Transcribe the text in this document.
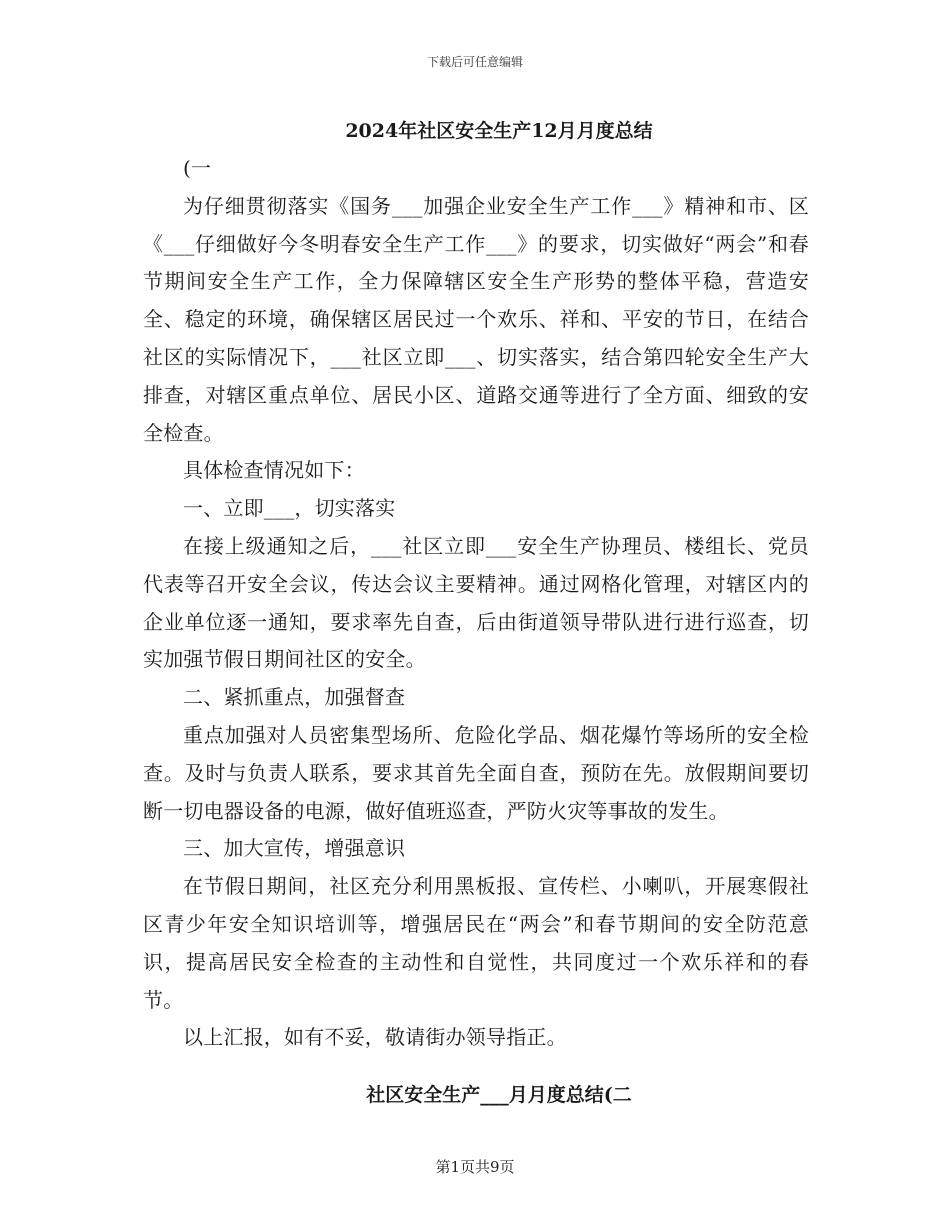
下载后可任意编辑
2024年社区安全生产12月月度总结

(一

为仔细贯彻落实《国务___加强企业安全生产工作___》精神和市、区《___仔细做好今冬明春安全生产工作___》的要求，切实做好“两会”和春节期间安全生产工作，全力保障辖区安全生产形势的整体平稳，营造安全、稳定的环境，确保辖区居民过一个欢乐、祥和、平安的节日，在结合社区的实际情况下，___社区立即___、切实落实，结合第四轮安全生产大排查，对辖区重点单位、居民小区、道路交通等进行了全方面、细致的安全检查。

具体检查情况如下：

一、立即___，切实落实

在接上级通知之后，___社区立即___安全生产协理员、楼组长、党员代表等召开安全会议，传达会议主要精神。通过网格化管理，对辖区内的企业单位逐一通知，要求率先自查，后由街道领导带队进行进行巡查，切实加强节假日期间社区的安全。

二、紧抓重点，加强督查

重点加强对人员密集型场所、危险化学品、烟花爆竹等场所的安全检查。及时与负责人联系，要求其首先全面自查，预防在先。放假期间要切断一切电器设备的电源，做好值班巡查，严防火灾等事故的发生。

三、加大宣传，增强意识

在节假日期间，社区充分利用黑板报、宣传栏、小喇叭，开展寒假社区青少年安全知识培训等，增强居民在“两会”和春节期间的安全防范意识，提高居民安全检查的主动性和自觉性，共同度过一个欢乐祥和的春节。

以上汇报，如有不妥，敬请街办领导指正。

社区安全生产___月月度总结(二
第1页共9页
